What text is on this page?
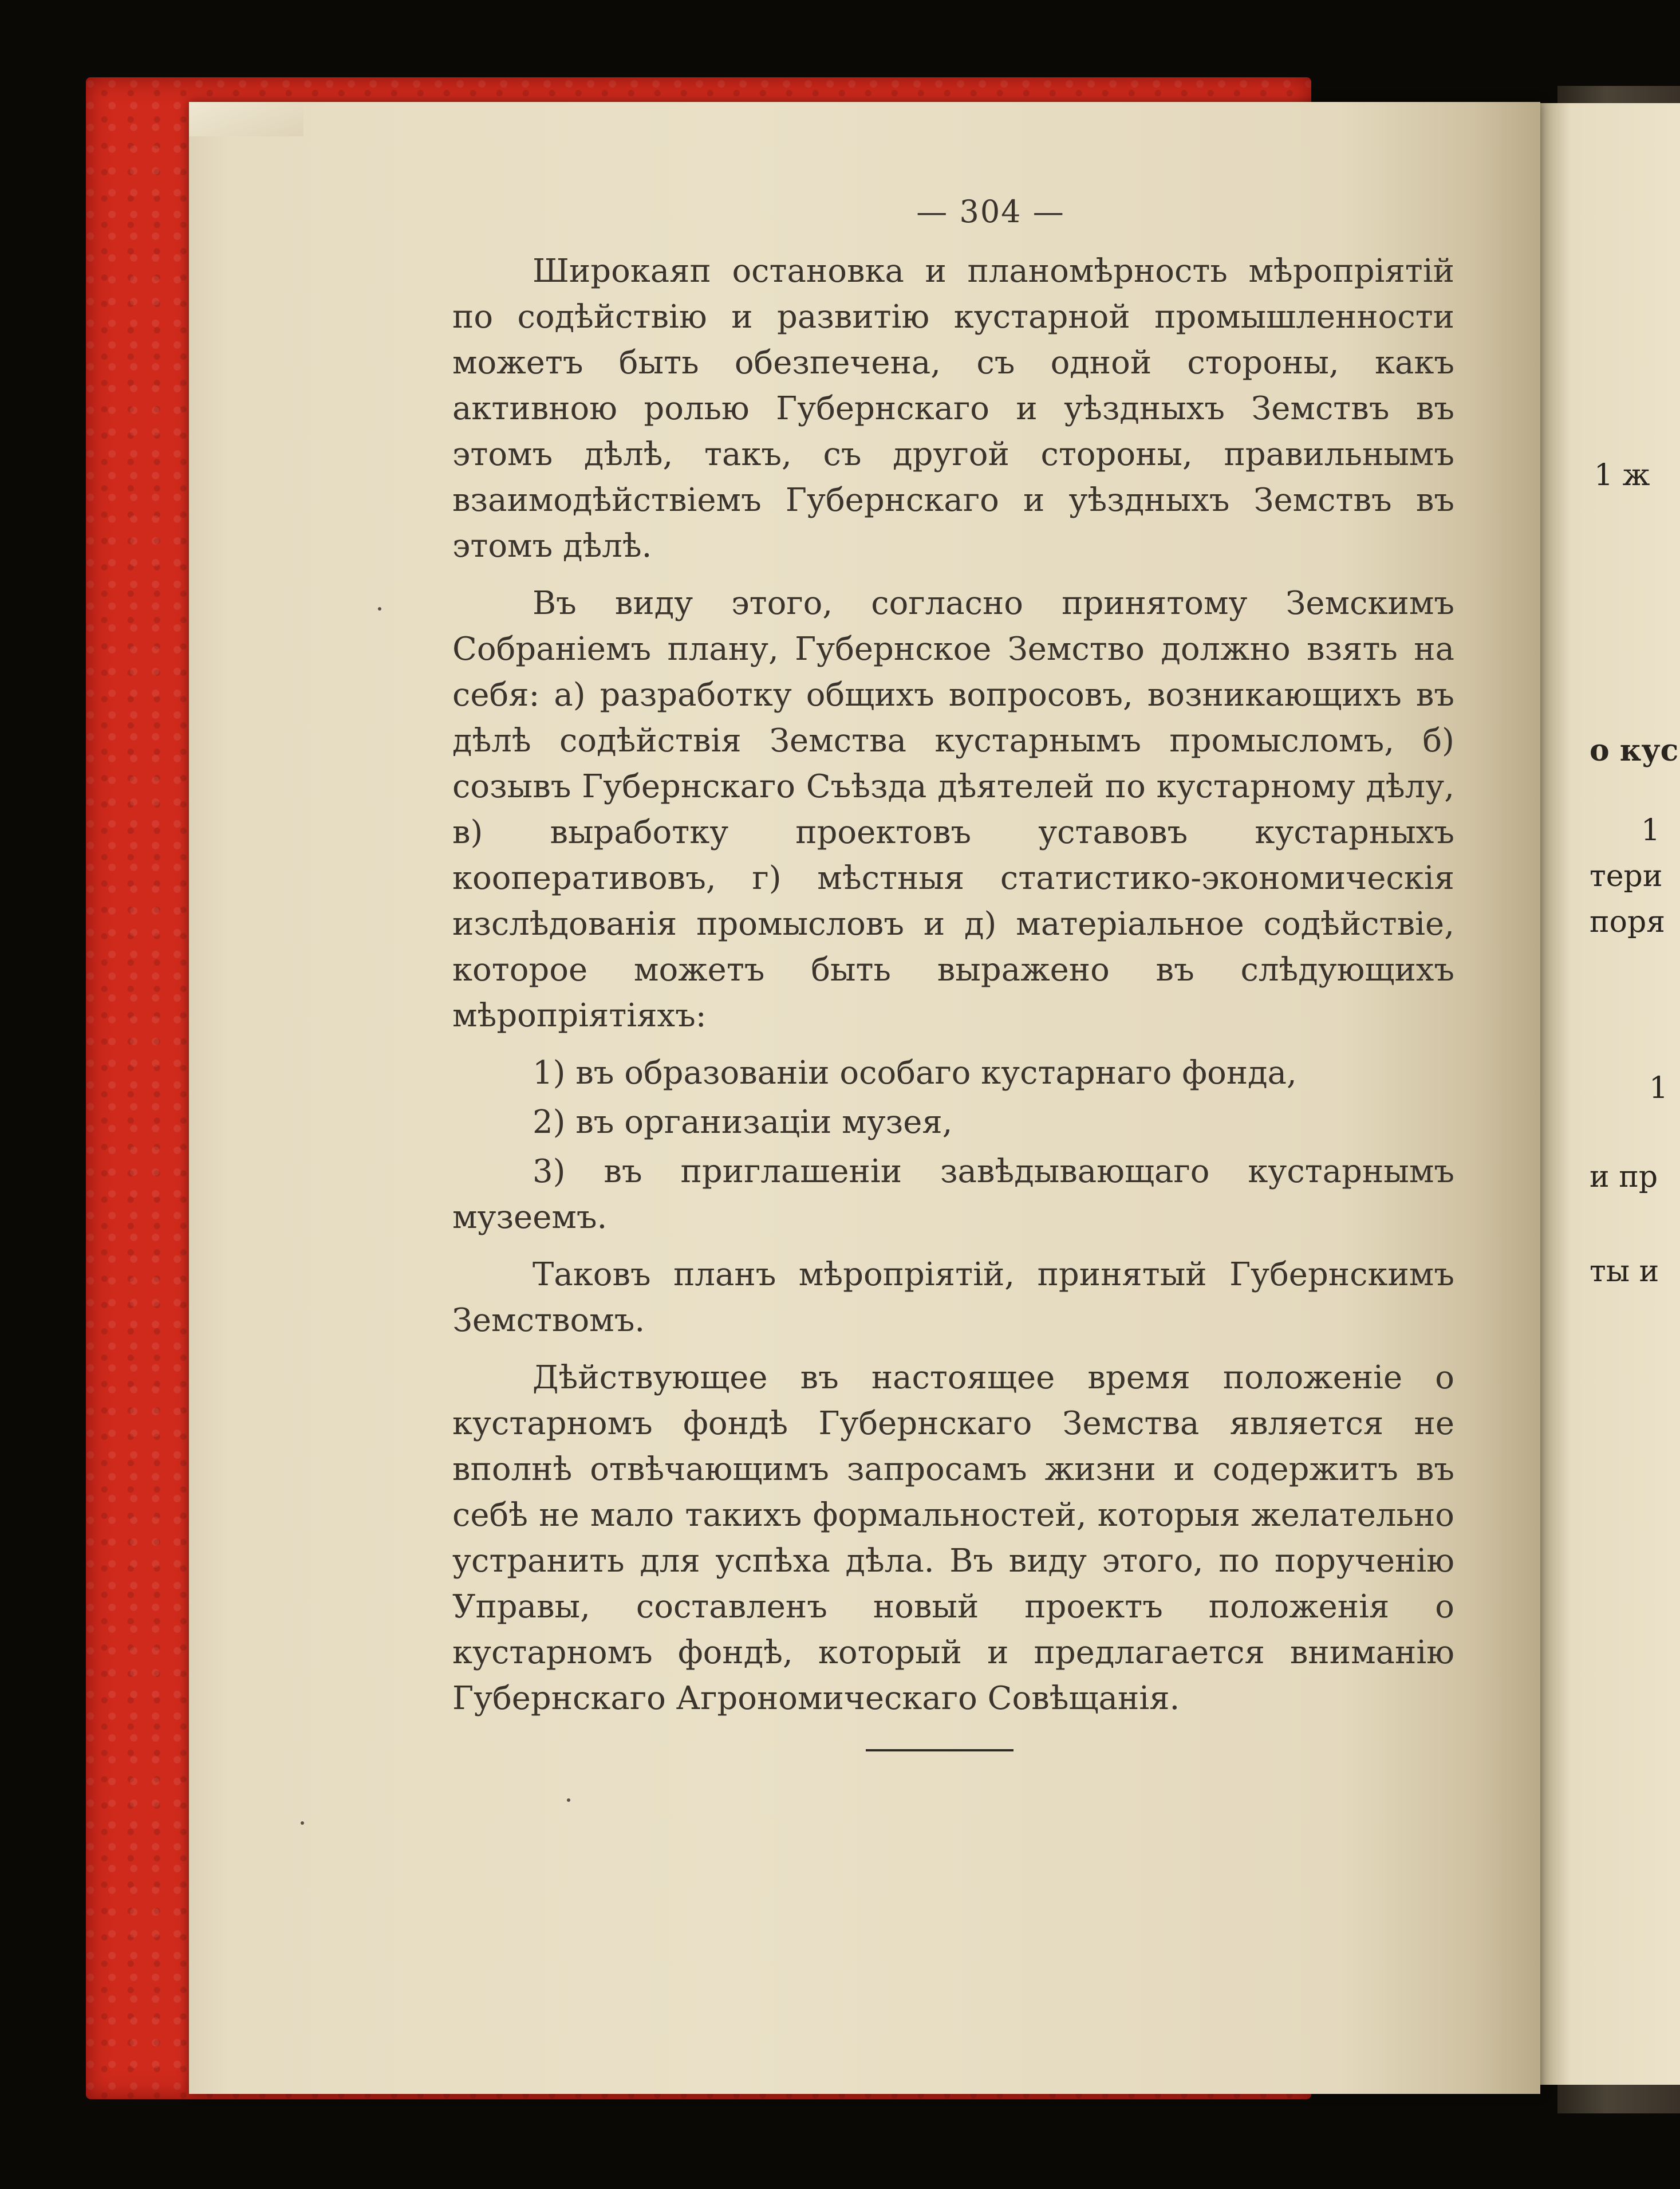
1 ж
о кус
1
тери
поря
1
и пр
ты и
— 304 —

Широкаяп остановка и планомѣрность мѣропріятій по содѣйствію и развитію кустарной промышленности можетъ быть обезпечена, съ одной стороны, какъ активною ролью Губернскаго и уѣздныхъ Земствъ въ этомъ дѣлѣ, такъ, съ другой стороны, правильнымъ взаимодѣйствіемъ Губернскаго и уѣздныхъ Земствъ въ этомъ дѣлѣ.

Въ виду этого, согласно принятому Земскимъ Собраніемъ плану, Губернское Земство должно взять на себя: а) разработку общихъ вопросовъ, возникающихъ въ дѣлѣ содѣйствія Земства кустарнымъ промысломъ, б) созывъ Губернскаго Съѣзда дѣятелей по кустарному дѣлу, в) выработку проектовъ уставовъ кустарныхъ кооперативовъ, г) мѣстныя статистико-экономическія изслѣдованія промысловъ и д) матеріальное содѣйствіе, которое можетъ быть выражено въ слѣдующихъ мѣропріятіяхъ:

1) въ образованіи особаго кустарнаго фонда,

2) въ организаціи музея,

3) въ приглашеніи завѣдывающаго кустарнымъ музеемъ.

Таковъ планъ мѣропріятій, принятый Губернскимъ Земствомъ.

Дѣйствующее въ настоящее время положеніе о кустарномъ фондѣ Губернскаго Земства является не вполнѣ отвѣчающимъ запросамъ жизни и содержитъ въ себѣ не мало такихъ формальностей, которыя желательно устранить для успѣха дѣла. Въ виду этого, по порученію Управы, составленъ новый проектъ положенія о кустарномъ фондѣ, который и предлагается вниманію Губернскаго Агрономическаго Совѣщанія.
